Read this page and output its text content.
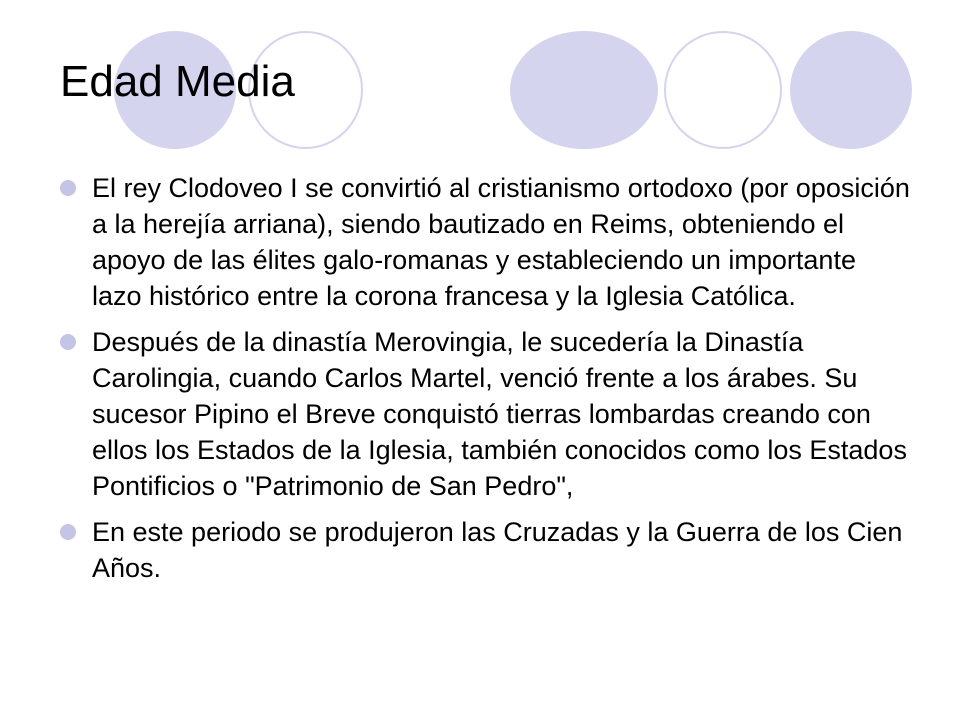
Edad Media
El rey Clodoveo I se convirtió al cristianismo ortodoxo (por oposición a la herejía arriana), siendo bautizado en Reims, obteniendo el apoyo de las élites galo-romanas y estableciendo un importante lazo histórico entre la corona francesa y la Iglesia Católica.
Después de la dinastía Merovingia, le sucedería la Dinastía Carolingia, cuando Carlos Martel, venció frente a los árabes. Su sucesor Pipino el Breve conquistó tierras lombardas creando con ellos los Estados de la Iglesia, también conocidos como los Estados Pontificios o "Patrimonio de San Pedro",
En este periodo se produjeron las Cruzadas y la Guerra de los Cien Años.
